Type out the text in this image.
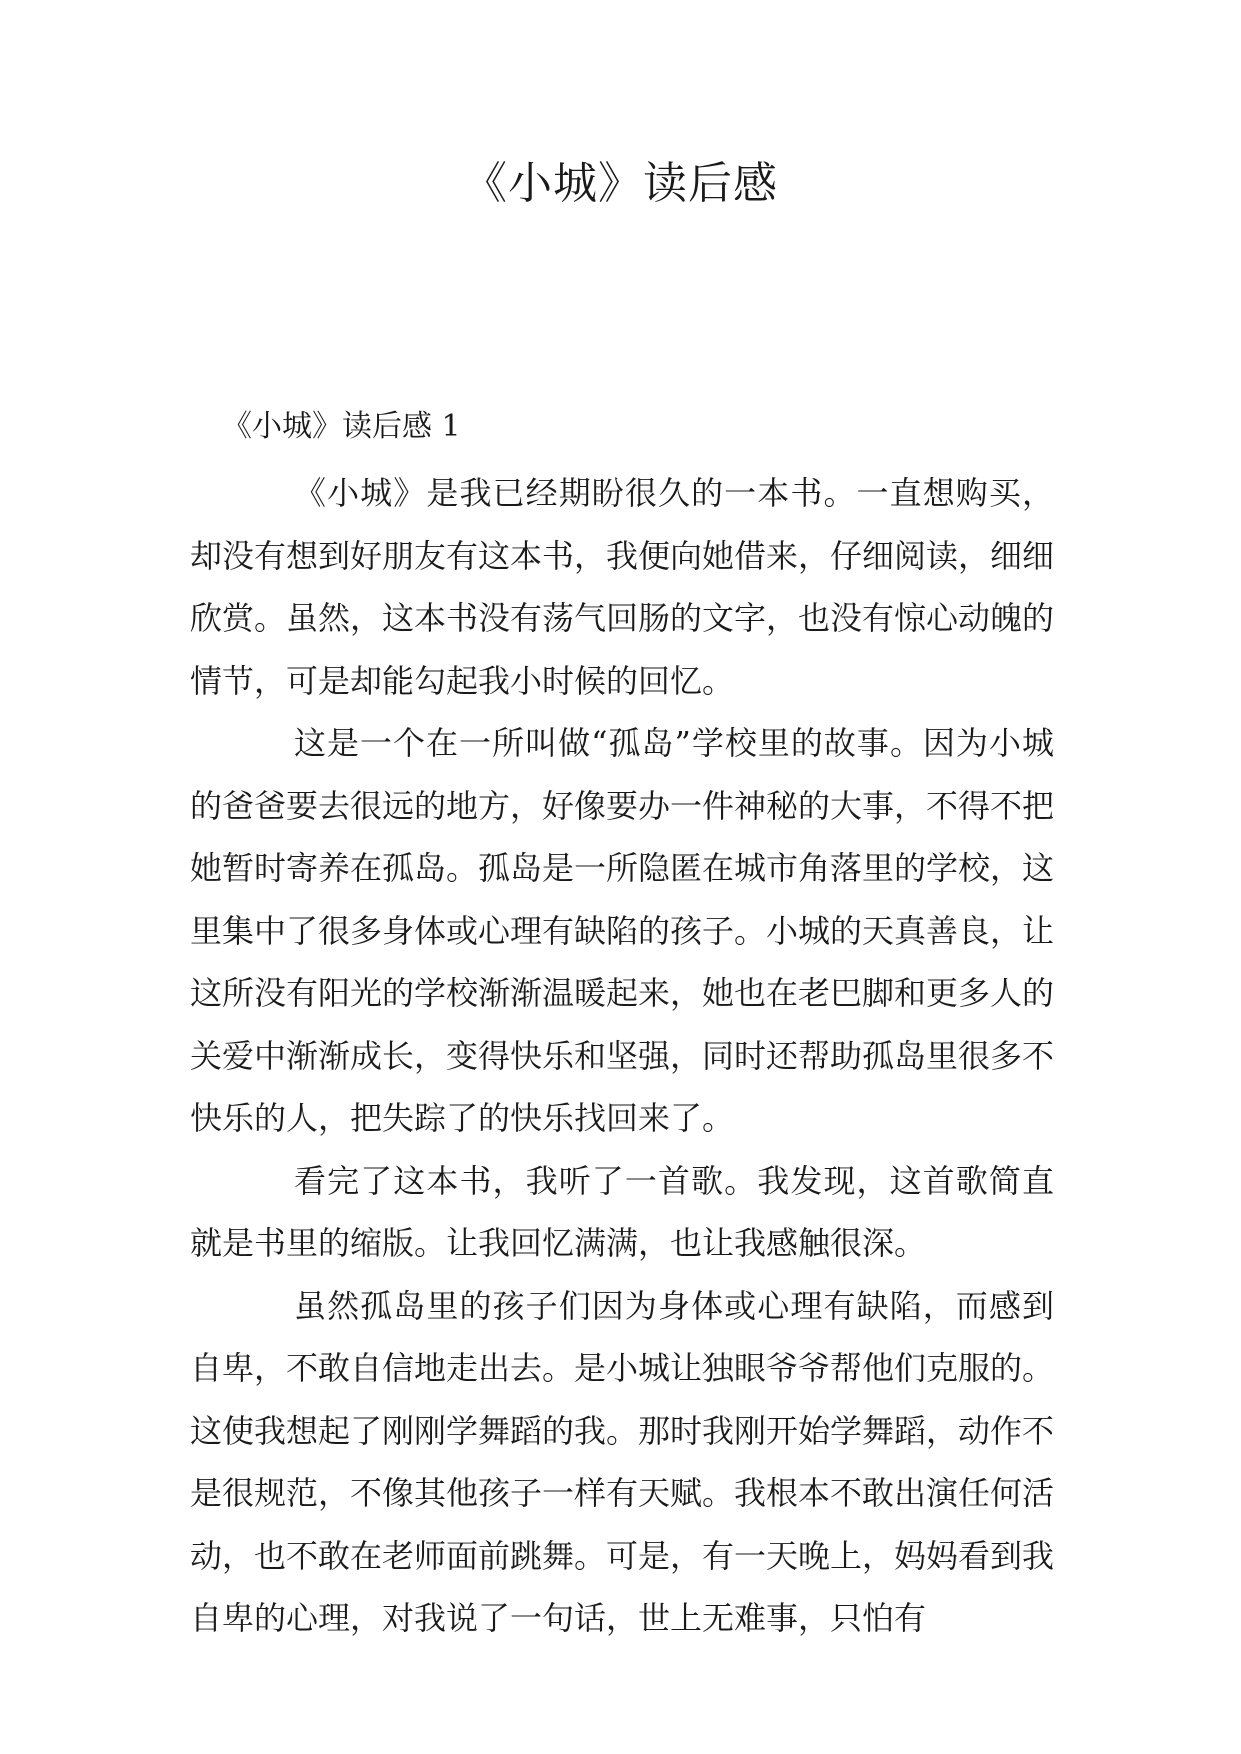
《小城》读后感
《小城》读后感 1

《小城》是我已经期盼很久的一本书。一直想购买，却没有想到好朋友有这本书，我便向她借来，仔细阅读，细细欣赏。虽然，这本书没有荡气回肠的文字，也没有惊心动魄的情节，可是却能勾起我小时候的回忆。

这是一个在一所叫做“孤岛”学校里的故事。因为小城的爸爸要去很远的地方，好像要办一件神秘的大事，不得不把她暂时寄养在孤岛。孤岛是一所隐匿在城市角落里的学校，这里集中了很多身体或心理有缺陷的孩子。小城的天真善良，让这所没有阳光的学校渐渐温暖起来，她也在老巴脚和更多人的关爱中渐渐成长，变得快乐和坚强，同时还帮助孤岛里很多不快乐的人，把失踪了的快乐找回来了。

看完了这本书，我听了一首歌。我发现，这首歌简直就是书里的缩版。让我回忆满满，也让我感触很深。

虽然孤岛里的孩子们因为身体或心理有缺陷，而感到自卑，不敢自信地走出去。是小城让独眼爷爷帮他们克服的。这使我想起了刚刚学舞蹈的我。那时我刚开始学舞蹈，动作不是很规范，不像其他孩子一样有天赋。我根本不敢出演任何活动，也不敢在老师面前跳舞。可是，有一天晚上，妈妈看到我自卑的心理，对我说了一句话，世上无难事，只怕有
